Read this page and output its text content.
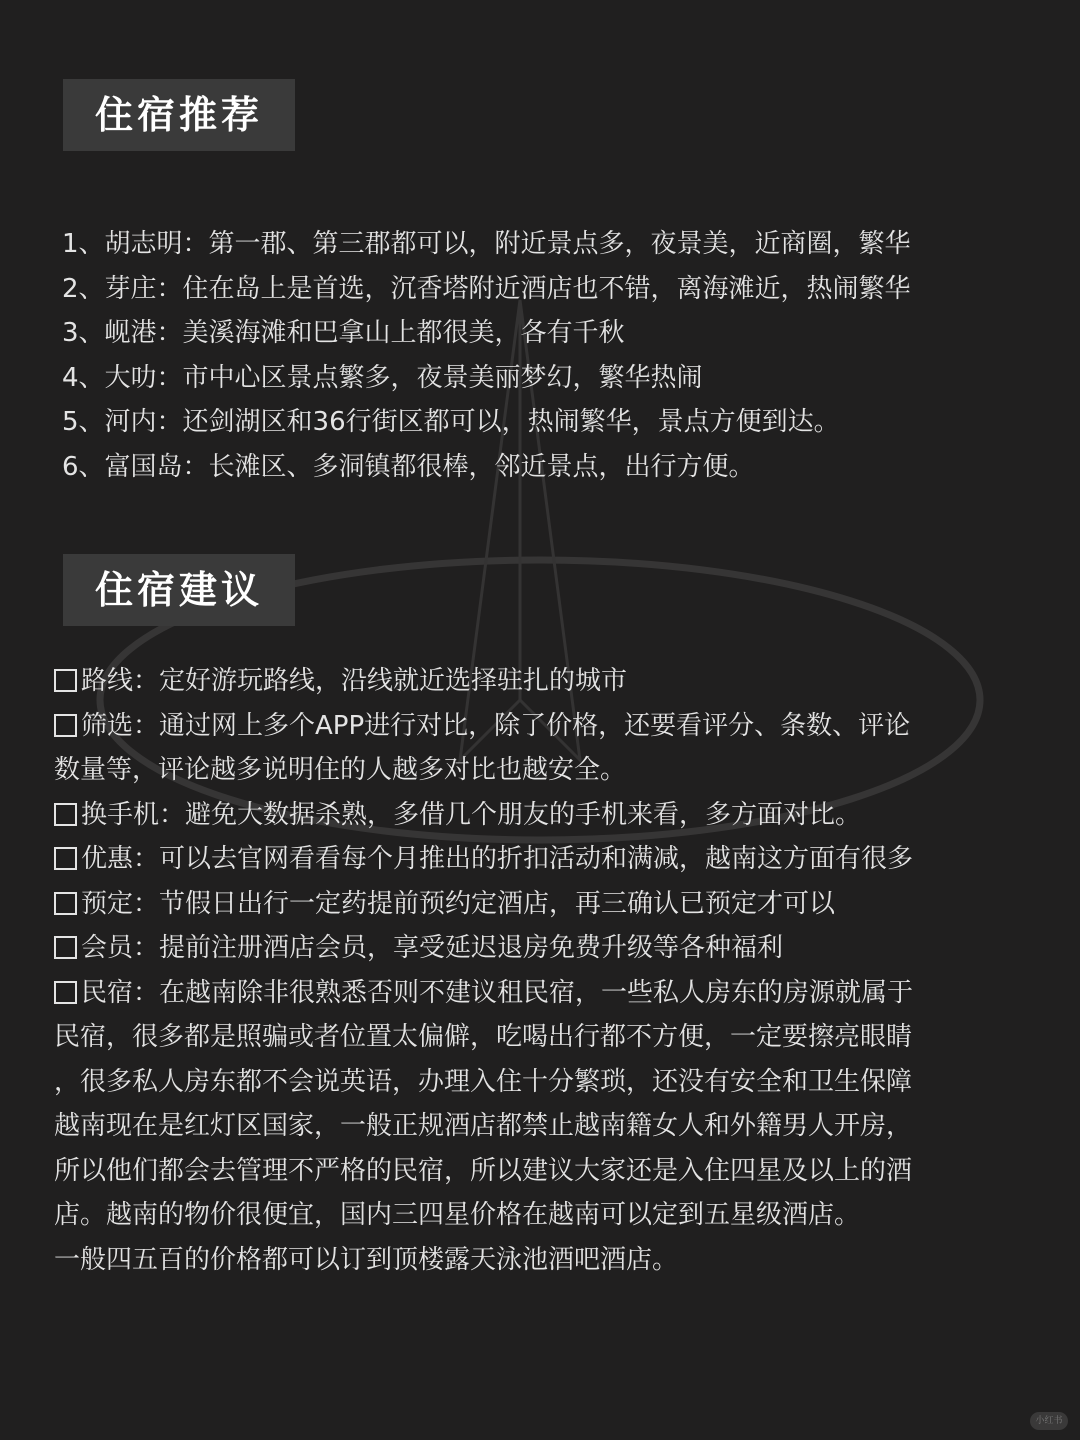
住宿推荐
1、胡志明：第一郡、第三郡都可以，附近景点多，夜景美，近商圈，繁华
2、芽庄：住在岛上是首选，沉香塔附近酒店也不错，离海滩近，热闹繁华
3、岘港：美溪海滩和巴拿山上都很美，各有千秋
4、大叻：市中心区景点繁多，夜景美丽梦幻，繁华热闹
5、河内：还剑湖区和36行街区都可以，热闹繁华，景点方便到达。
6、富国岛：长滩区、多洞镇都很棒，邻近景点，出行方便。
住宿建议

路线：定好游玩路线，沿线就近选择驻扎的城市

筛选：通过网上多个APP进行对比，除了价格，还要看评分、条数、评论

数量等，评论越多说明住的人越多对比也越安全。

换手机：避免大数据杀熟，多借几个朋友的手机来看，多方面对比。

优惠：可以去官网看看每个月推出的折扣活动和满减，越南这方面有很多

预定：节假日出行一定药提前预约定酒店，再三确认已预定才可以

会员：提前注册酒店会员，享受延迟退房免费升级等各种福利

民宿：在越南除非很熟悉否则不建议租民宿，一些私人房东的房源就属于

民宿，很多都是照骗或者位置太偏僻，吃喝出行都不方便，一定要擦亮眼睛

，很多私人房东都不会说英语，办理入住十分繁琐，还没有安全和卫生保障

越南现在是红灯区国家，一般正规酒店都禁止越南籍女人和外籍男人开房，

所以他们都会去管理不严格的民宿，所以建议大家还是入住四星及以上的酒

店。越南的物价很便宜，国内三四星价格在越南可以定到五星级酒店。

一般四五百的价格都可以订到顶楼露天泳池酒吧酒店。

小红书
